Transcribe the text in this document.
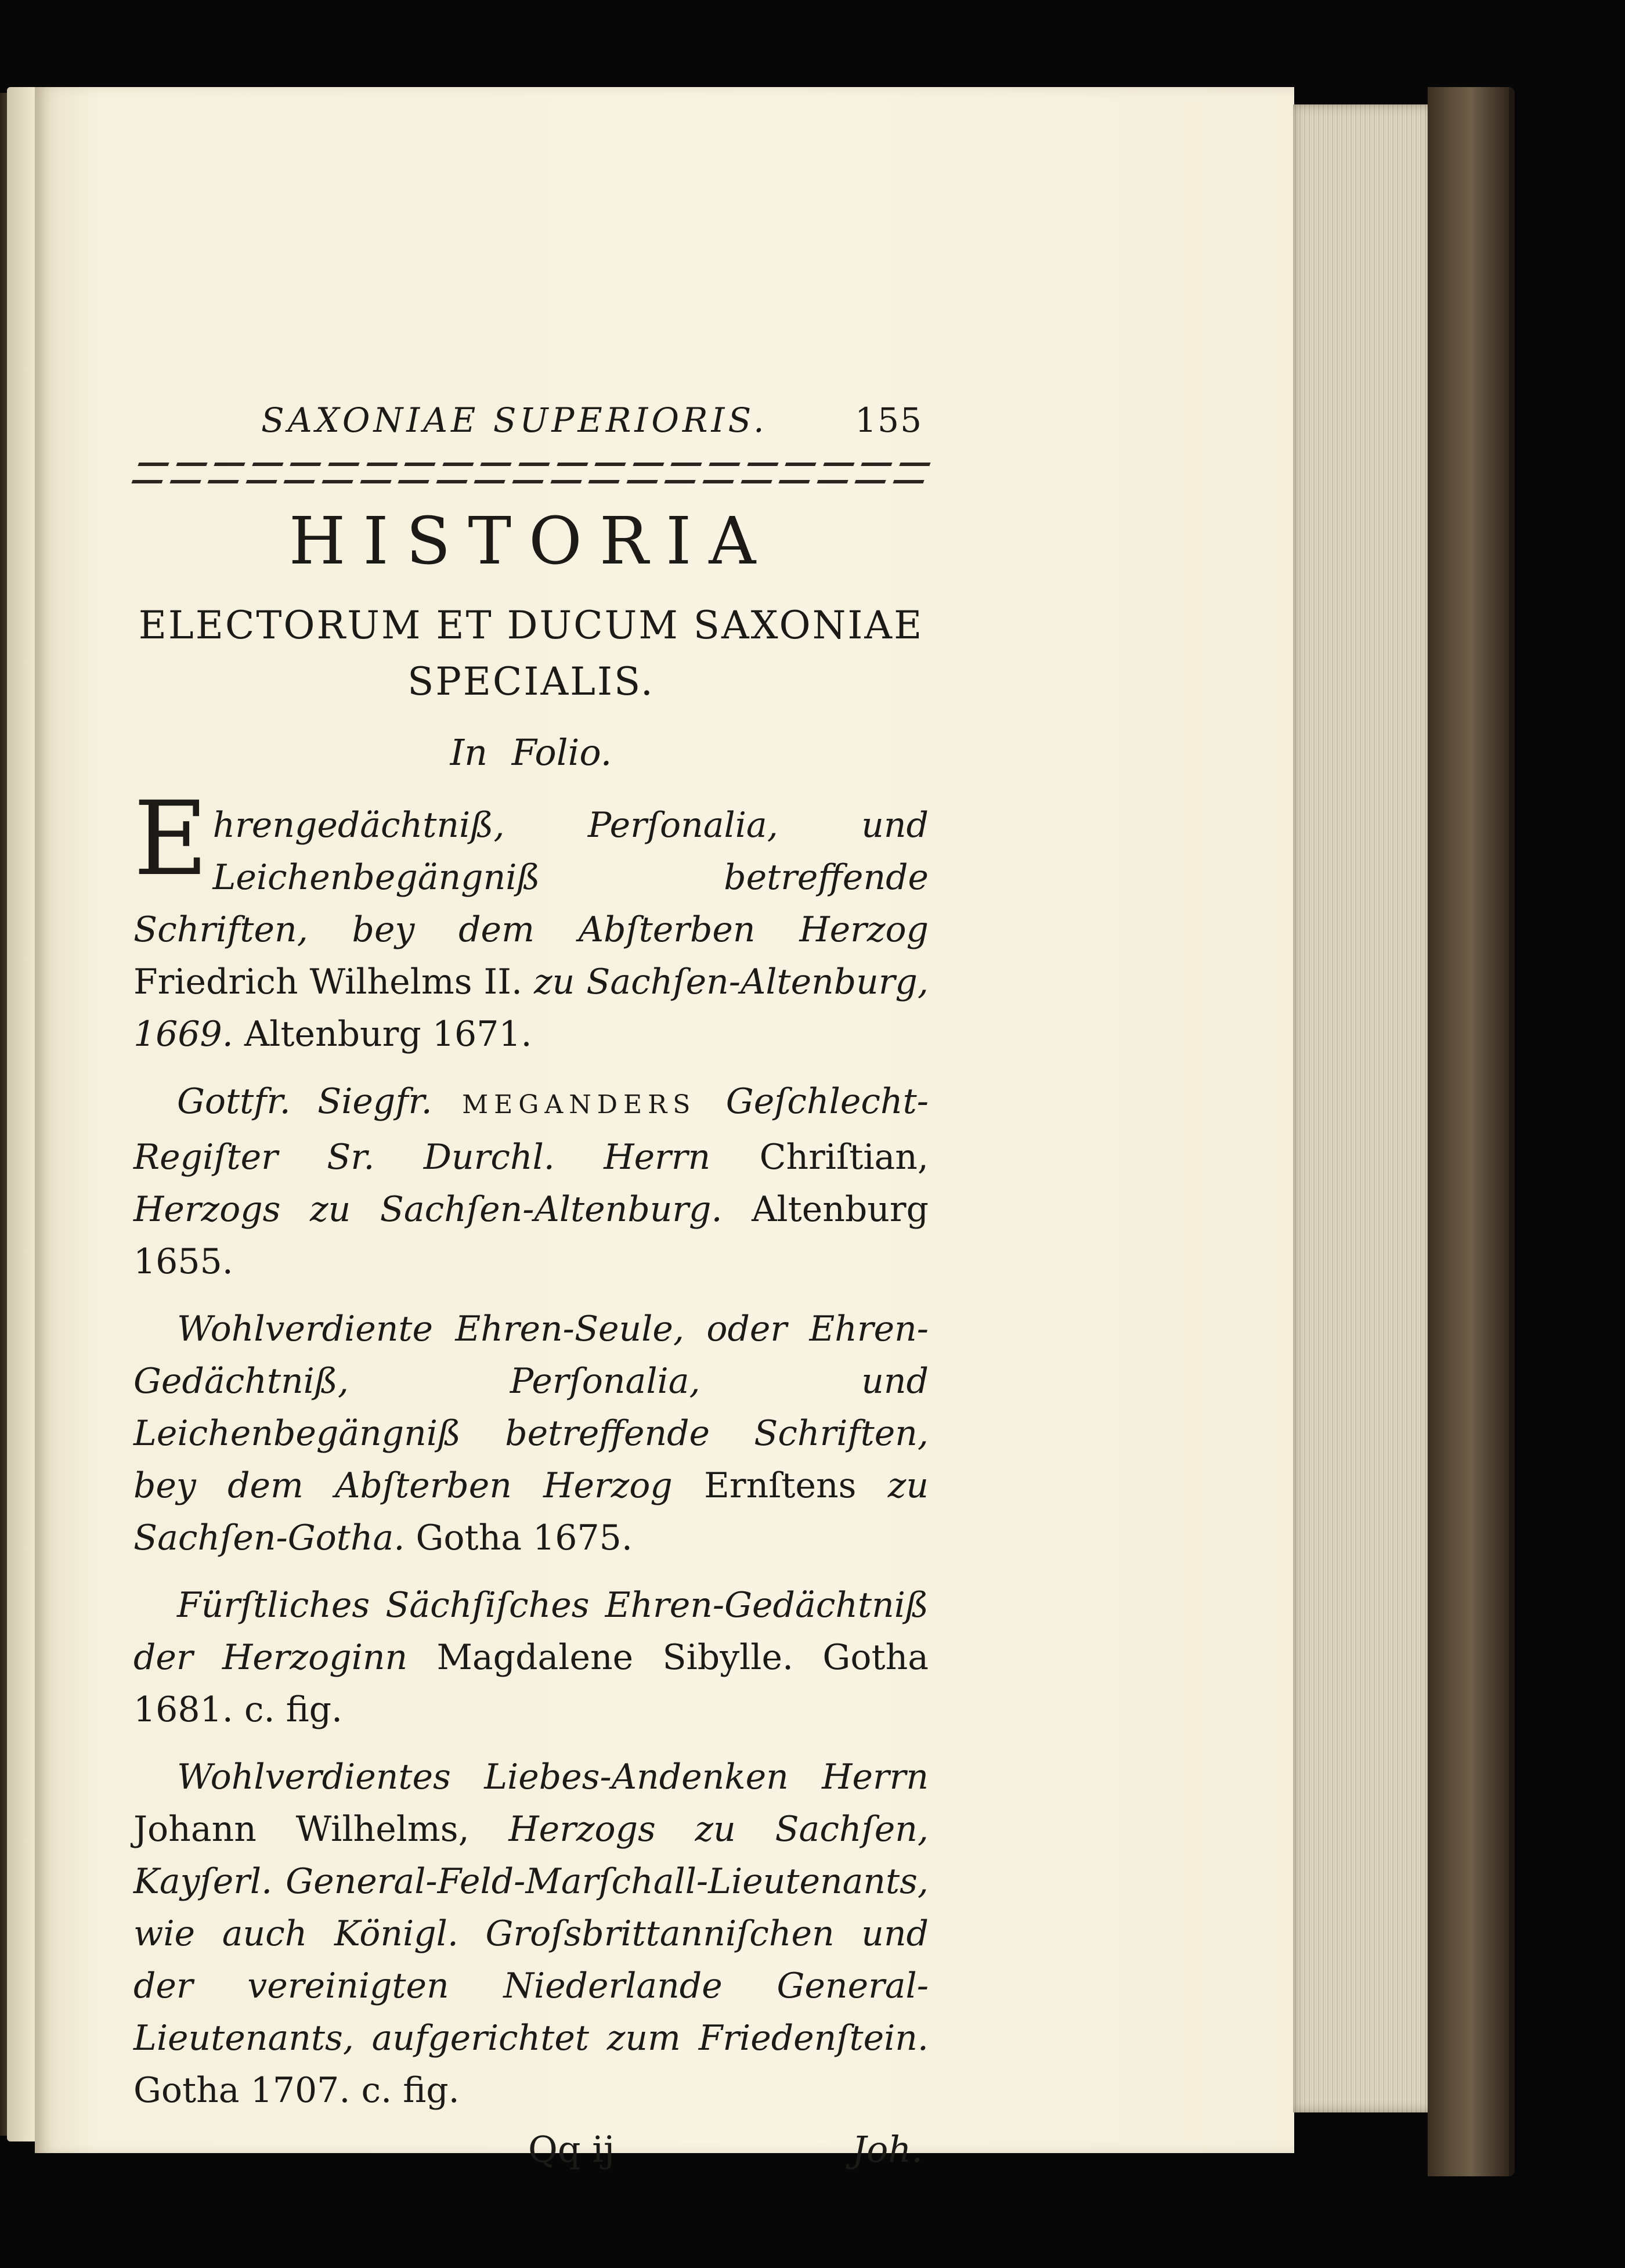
SAXONIAE SUPERIORIS.	155
HISTORIA
ELECTORUM ET DUCUM SAXONIAE
SPECIALIS.
In Folio.
Ehrengedächtniß, Perſonalia, und Leichenbegängniß betreffende Schriften, bey dem Abſterben Herzog Friedrich Wilhelms II. zu Sachſen-Altenburg, 1669. Altenburg 1671.
Gottfr. Siegfr. MEGANDERS Geſchlecht-Regiſter Sr. Durchl. Herrn Chriſtian, Herzogs zu Sachſen-Altenburg. Altenburg 1655.
Wohlverdiente Ehren-Seule, oder Ehren-Gedächtniß, Perſonalia, und Leichenbegängniß betreffende Schriften, bey dem Abſterben Herzog Ernſtens zu Sachſen-Gotha. Gotha 1675.
Fürſtliches Sächſiſches Ehren-Gedächtniß der Herzoginn Magdalene Sibylle. Gotha 1681. c. fig.
Wohlverdientes Liebes-Andenken Herrn Johann Wilhelms, Herzogs zu Sachſen, Kayſerl. General-Feld-Marſchall-Lieutenants, wie auch Königl. Groſsbrittanniſchen und der vereinigten Niederlande General-Lieutenants, aufgerichtet zum Friedenſtein. Gotha 1707. c. fig.
Qq ij	Joh.
